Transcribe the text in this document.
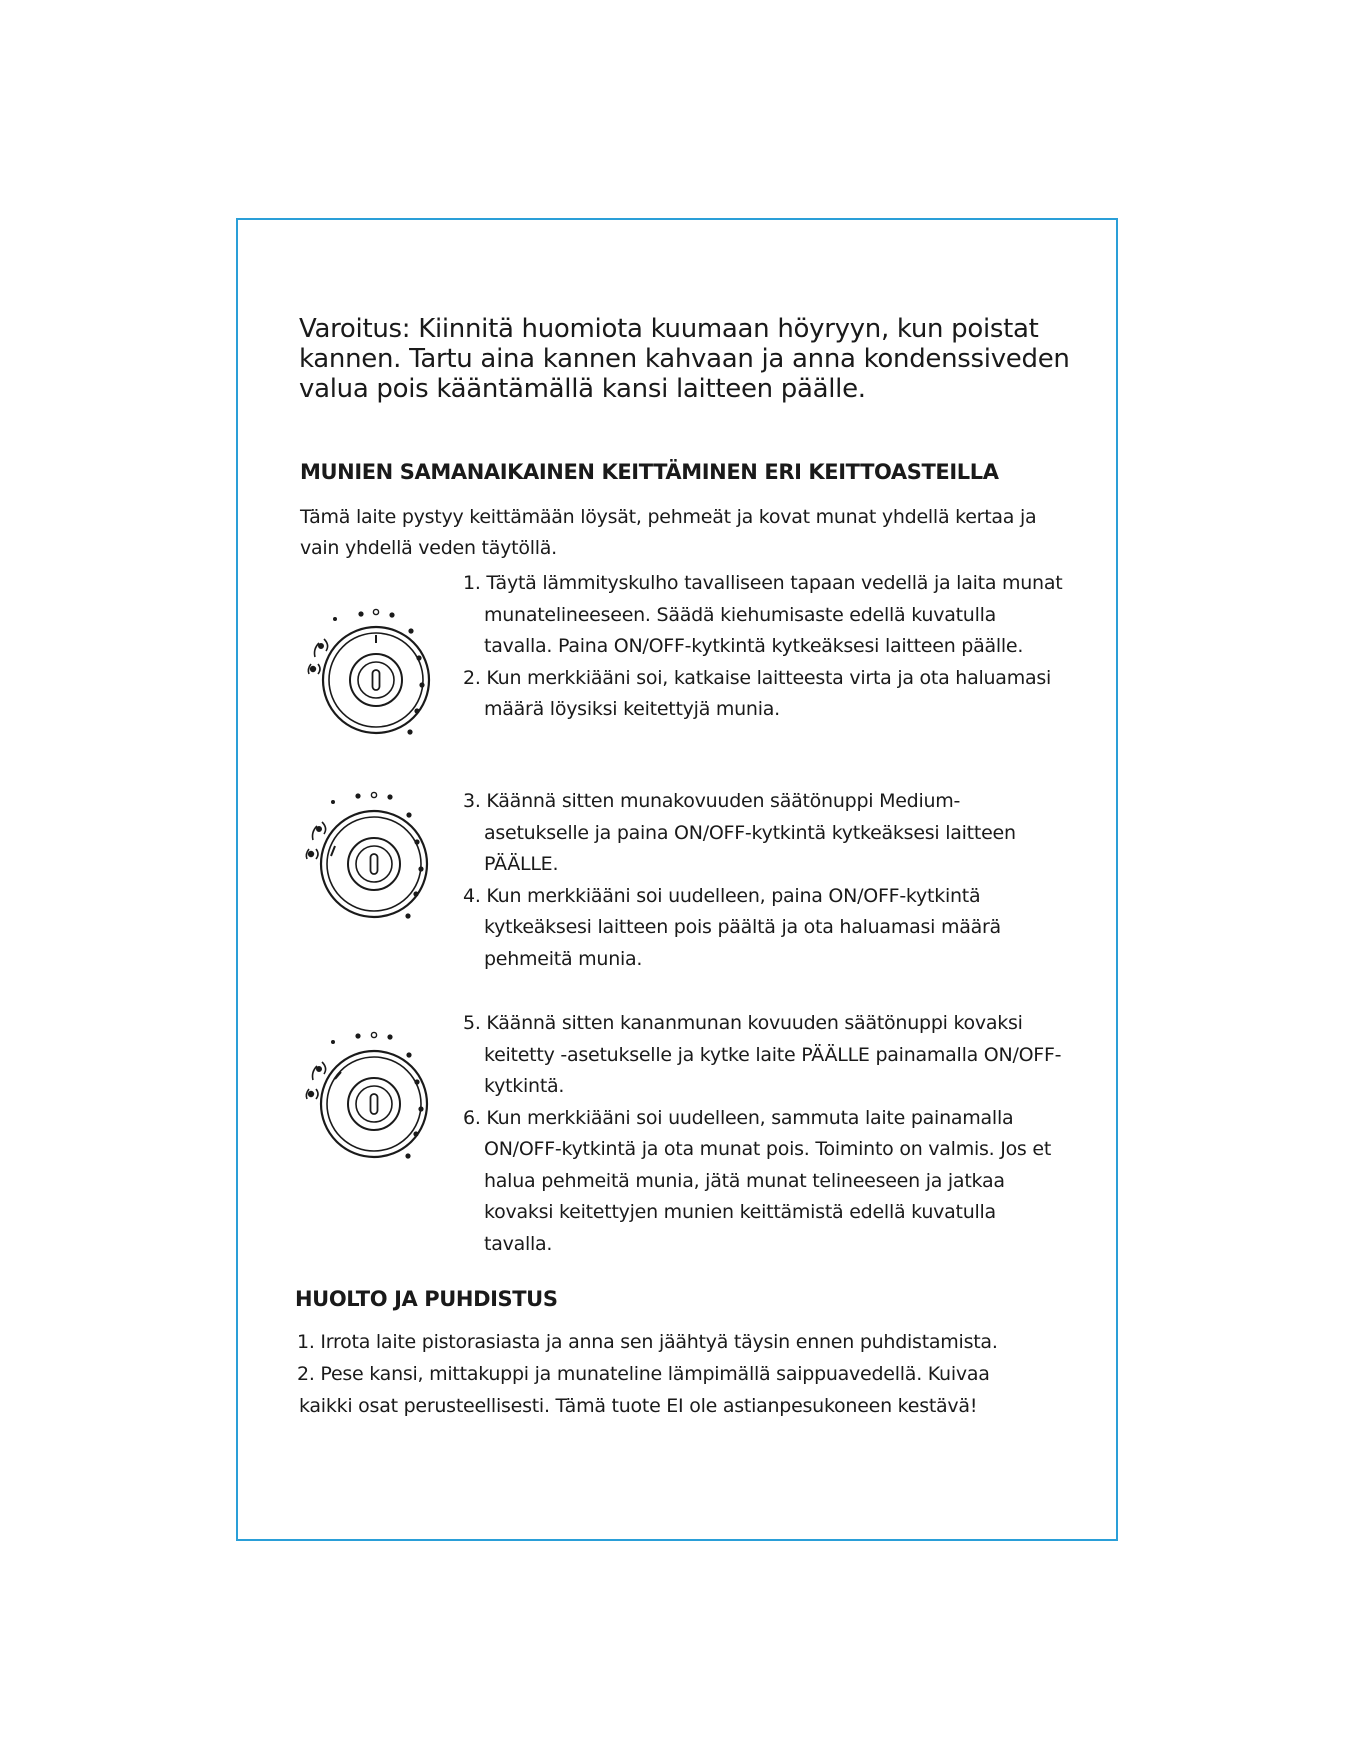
Varoitus: Kiinnitä huomiota kuumaan höyryyn, kun poistat kannen. Tartu aina kannen kahvaan ja anna kondenssiveden valua pois kääntämällä kansi laitteen päälle.

MUNIEN SAMANAIKAINEN KEITTÄMINEN ERI KEITTOASTEILLA

Tämä laite pystyy keittämään löysät, pehmeät ja kovat munat yhdellä kertaa ja vain yhdellä veden täytöllä.

1. Täytä lämmityskulho tavalliseen tapaan vedellä ja laita munat munatelineeseen. Säädä kiehumisaste edellä kuvatulla tavalla. Paina ON/OFF-kytkintä kytkeäksesi laitteen päälle.

2. Kun merkkiääni soi, katkaise laitteesta virta ja ota haluamasi määrä löysiksi keitettyjä munia.

3. Käännä sitten munakovuuden säätönuppi Medium-asetukselle ja paina ON/OFF-kytkintä kytkeäksesi laitteen PÄÄLLE.

4. Kun merkkiääni soi uudelleen, paina ON/OFF-kytkintä kytkeäksesi laitteen pois päältä ja ota haluamasi määrä pehmeitä munia.

5. Käännä sitten kananmunan kovuuden säätönuppi kovaksi keitetty -asetukselle ja kytke laite PÄÄLLE painamalla ON/OFF-kytkintä.

6. Kun merkkiääni soi uudelleen, sammuta laite painamalla ON/OFF-kytkintä ja ota munat pois. Toiminto on valmis. Jos et halua pehmeitä munia, jätä munat telineeseen ja jatkaa kovaksi keitettyjen munien keittämistä edellä kuvatulla tavalla.

HUOLTO JA PUHDISTUS

1. Irrota laite pistorasiasta ja anna sen jäähtyä täysin ennen puhdistamista.

2. Pese kansi, mittakuppi ja munateline lämpimällä saippuavedellä. Kuivaa

kaikki osat perusteellisesti. Tämä tuote EI ole astianpesukoneen kestävä!
